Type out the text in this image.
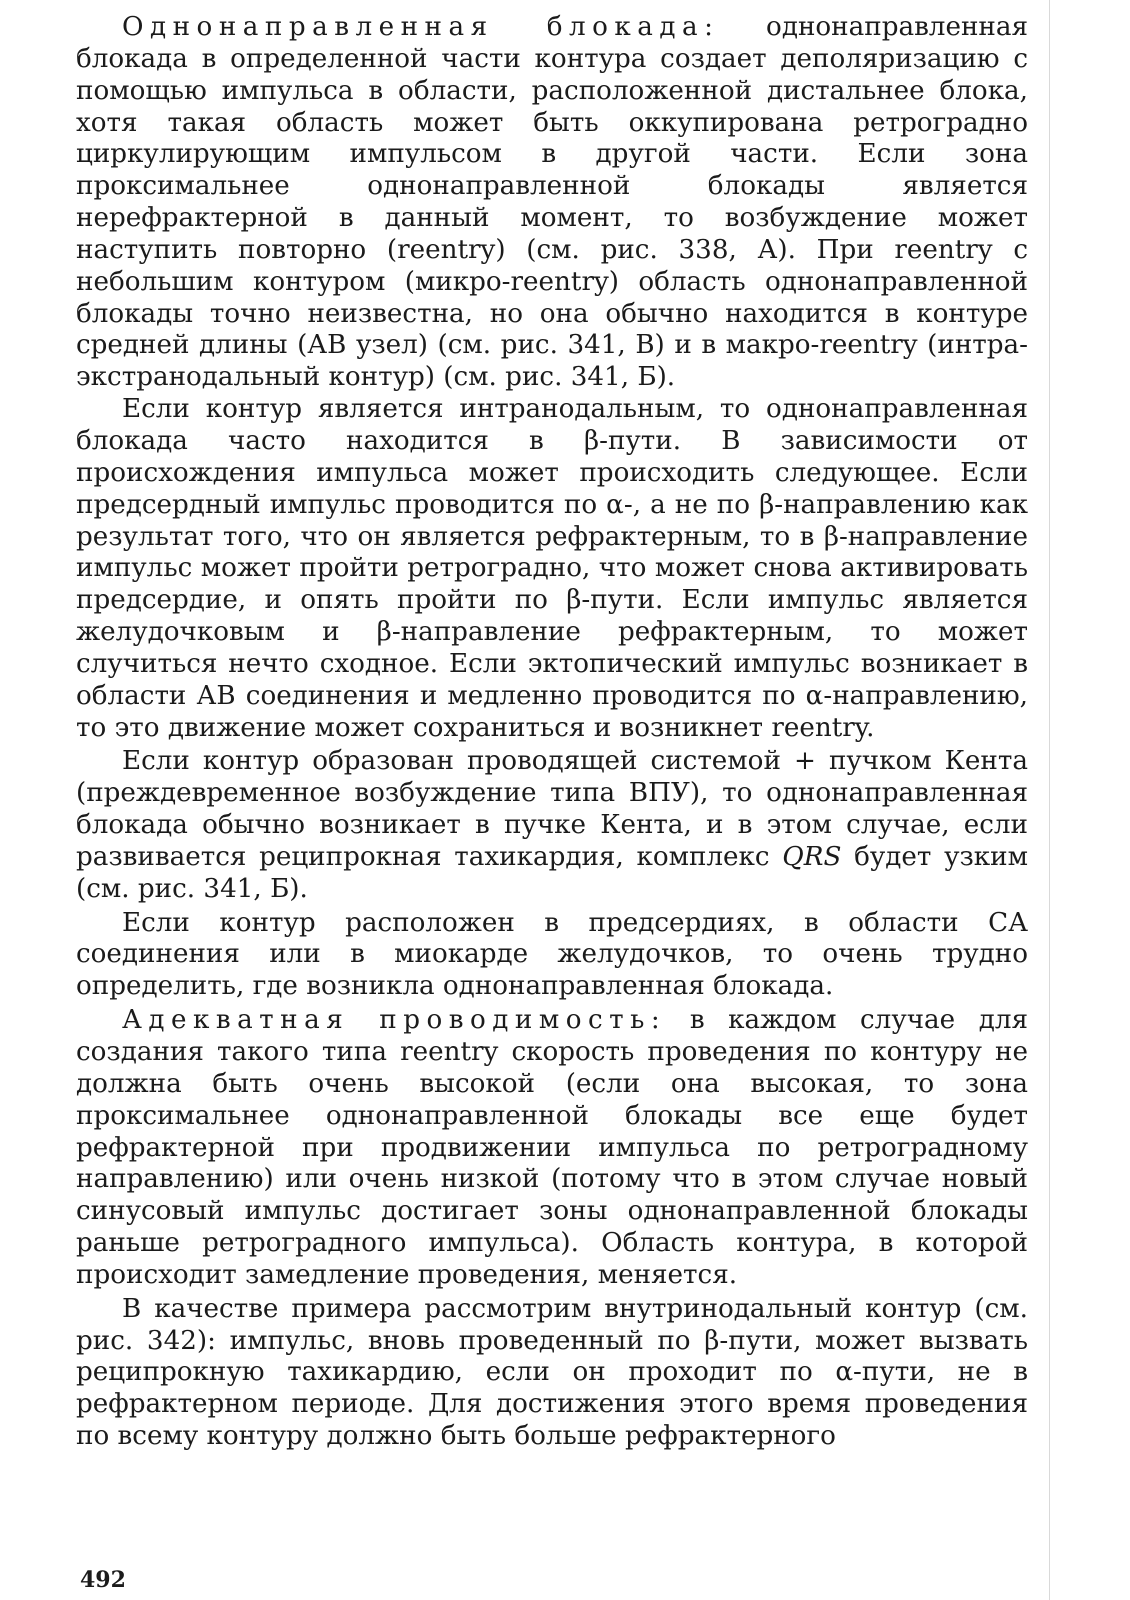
Однонаправленная блокада: однонаправленная блокада в определенной части контура создает деполяризацию с помощью импульса в области, расположенной дистальнее блока, хотя такая область может быть оккупирована ретроградно циркулирующим импульсом в другой части. Если зона проксимальнее однонаправленной блокады является нерефрактерной в данный момент, то возбуждение может наступить повторно (reentry) (см. рис. 338, А). При reentry с небольшим контуром (микро-reentry) область однонаправленной блокады точно неизвестна, но она обычно находится в контуре средней длины (АВ узел) (см. рис. 341, В) и в макро-reentry (интра-экстранодальный контур) (см. рис. 341, Б).

Если контур является интранодальным, то однонаправленная блокада часто находится в β-пути. В зависимости от происхождения импульса может происходить следующее. Если предсердный импульс проводится по α-, а не по β-направлению как результат того, что он является рефрактерным, то в β-направление импульс может пройти ретроградно, что может снова активировать предсердие, и опять пройти по β-пути. Если импульс является желудочковым и β-направление рефрактерным, то может случиться нечто сходное. Если эктопический импульс возникает в области АВ соединения и медленно проводится по α-направлению, то это движение может сохраниться и возникнет reentry.

Если контур образован проводящей системой + пучком Кента (преждевременное возбуждение типа ВПУ), то однонаправленная блокада обычно возникает в пучке Кента, и в этом случае, если развивается реципрокная тахикардия, комплекс QRS будет узким (см. рис. 341, Б).

Если контур расположен в предсердиях, в области СА соединения или в миокарде желудочков, то очень трудно определить, где возникла однонаправленная блокада.

Адекватная проводимость: в каждом случае для создания такого типа reentry скорость проведения по контуру не должна быть очень высокой (если она высокая, то зона проксимальнее однонаправленной блокады все еще будет рефрактерной при продвижении импульса по ретроградному направлению) или очень низкой (потому что в этом случае новый синусовый импульс достигает зоны однонаправленной блокады раньше ретроградного импульса). Область контура, в которой происходит замедление проведения, меняется.

В качестве примера рассмотрим внутринодальный контур (см. рис. 342): импульс, вновь проведенный по β-пути, может вызвать реципрокную тахикардию, если он проходит по α-пути, не в рефрактерном периоде. Для достижения этого время проведения по всему контуру должно быть больше рефрактерного

492
